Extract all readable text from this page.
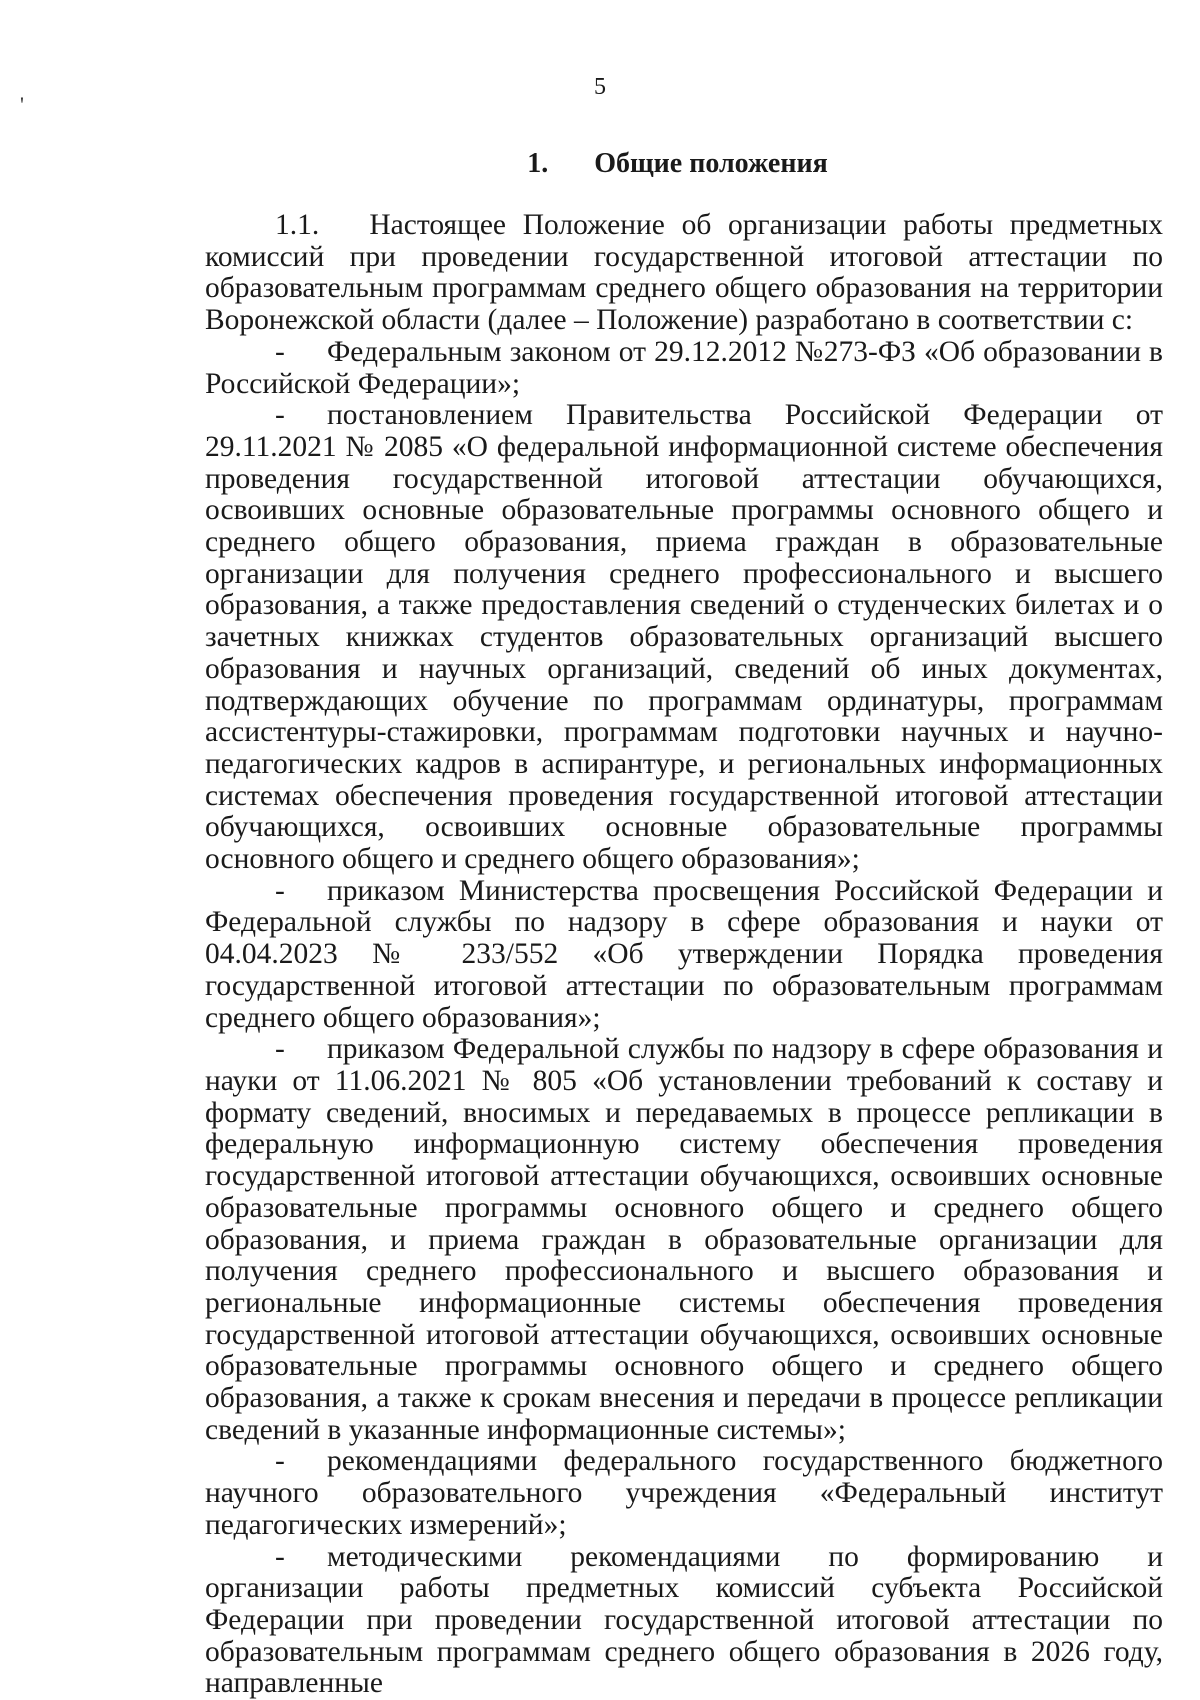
'
5
1. Общие положения

1.1. Настоящее Положение об организации работы предметных комиссий при проведении государственной итоговой аттестации по образовательным программам среднего общего образования на территории Воронежской области (далее – Положение) разработано в соответствии с:

- Федеральным законом от 29.12.2012 №273-ФЗ «Об образовании в Российской Федерации»;

- постановлением Правительства Российской Федерации от 29.11.2021 № 2085 «О федеральной информационной системе обеспечения проведения государственной итоговой аттестации обучающихся, освоивших основные образовательные программы основного общего и среднего общего образования, приема граждан в образовательные организации для получения среднего профессионального и высшего образования, а также предоставления сведений о студенческих билетах и о зачетных книжках студентов образовательных организаций высшего образования и научных организаций, сведений об иных документах, подтверждающих обучение по программам ординатуры, программам ассистентуры-стажировки, программам подготовки научных и научно-педагогических кадров в аспирантуре, и региональных информационных системах обеспечения проведения государственной итоговой аттестации обучающихся, освоивших основные образовательные программы основного общего и среднего общего образования»;

- приказом Министерства просвещения Российской Федерации и Федеральной службы по надзору в сфере образования и науки от 04.04.2023 № 233/552 «Об утверждении Порядка проведения государственной итоговой аттестации по образовательным программам среднего общего образования»;

- приказом Федеральной службы по надзору в сфере образования и науки от 11.06.2021 № 805 «Об установлении требований к составу и формату сведений, вносимых и передаваемых в процессе репликации в федеральную информационную систему обеспечения проведения государственной итоговой аттестации обучающихся, освоивших основные образовательные программы основного общего и среднего общего образования, и приема граждан в образовательные организации для получения среднего профессионального и высшего образования и региональные информационные системы обеспечения проведения государственной итоговой аттестации обучающихся, освоивших основные образовательные программы основного общего и среднего общего образования, а также к срокам внесения и передачи в процессе репликации сведений в указанные информационные системы»;

- рекомендациями федерального государственного бюджетного научного образовательного учреждения «Федеральный институт педагогических измерений»;

- методическими рекомендациями по формированию и организации работы предметных комиссий субъекта Российской Федерации при проведении государственной итоговой аттестации по образовательным программам среднего общего образования в 2026 году, направленные
